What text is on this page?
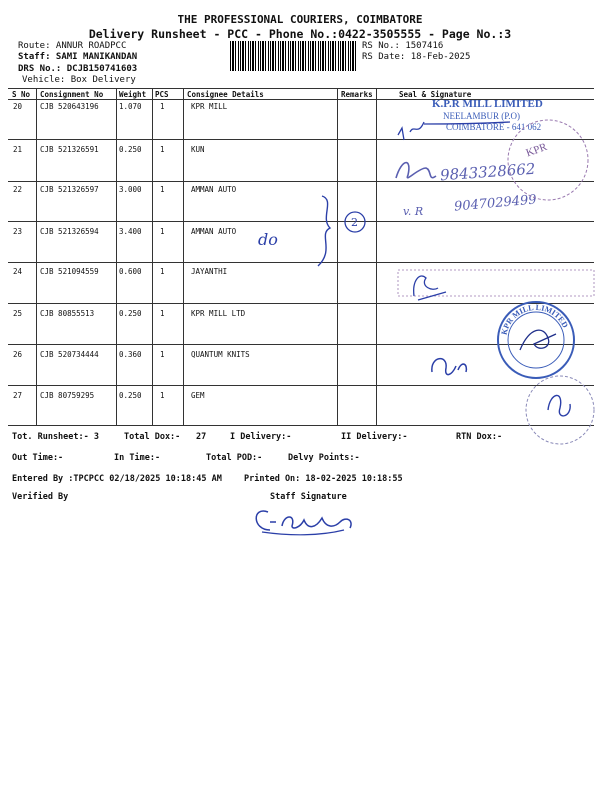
THE PROFESSIONAL COURIERS, COIMBATORE
Delivery Runsheet - PCC - Phone No.:0422-3505555 - Page No.:3
Route: ANNUR ROADPCC
Staff: SAMI MANIKANDAN
DRS No.: DCJB150741603
Vehicle: Box Delivery
RS No.: 1507416
RS Date: 18-Feb-2025
S No Consignment No Weight PCS Consignee Details	Remarks	Seal & Signature
20 CJB 520643196	1.070 1	KPR MILL
21 CJB 521326591	0.250 1	KUN
22 CJB 521326597	3.000 1	AMMAN AUTO
23 CJB 521326594	3.400 1	AMMAN AUTO
24 CJB 521094559	0.600 1	JAYANTHI
25 CJB 80855513	0.250 1	KPR MILL LTD
26 CJB 520734444	0.360 1	QUANTUM KNITS
27 CJB 80759295	0.250 1	GEM
Tot. Runsheet:- 3	Total Dox:- 27	I Delivery:-	II Delivery:-	RTN Dox:-
Out Time:-	In Time:-	Total POD:-	Delvy Points:-
Entered By :TPCPCC 02/18/2025 10:18:45 AM	Printed On: 18-02-2025 10:18:55
Verified By	Staff Signature
K.P.R MILL LIMITED
NEELAMBUR (P.O)
COIMBATORE - 641 062
9843328662
9047029499
v. R
do
2
KPR
KPR MILL LIMITED
